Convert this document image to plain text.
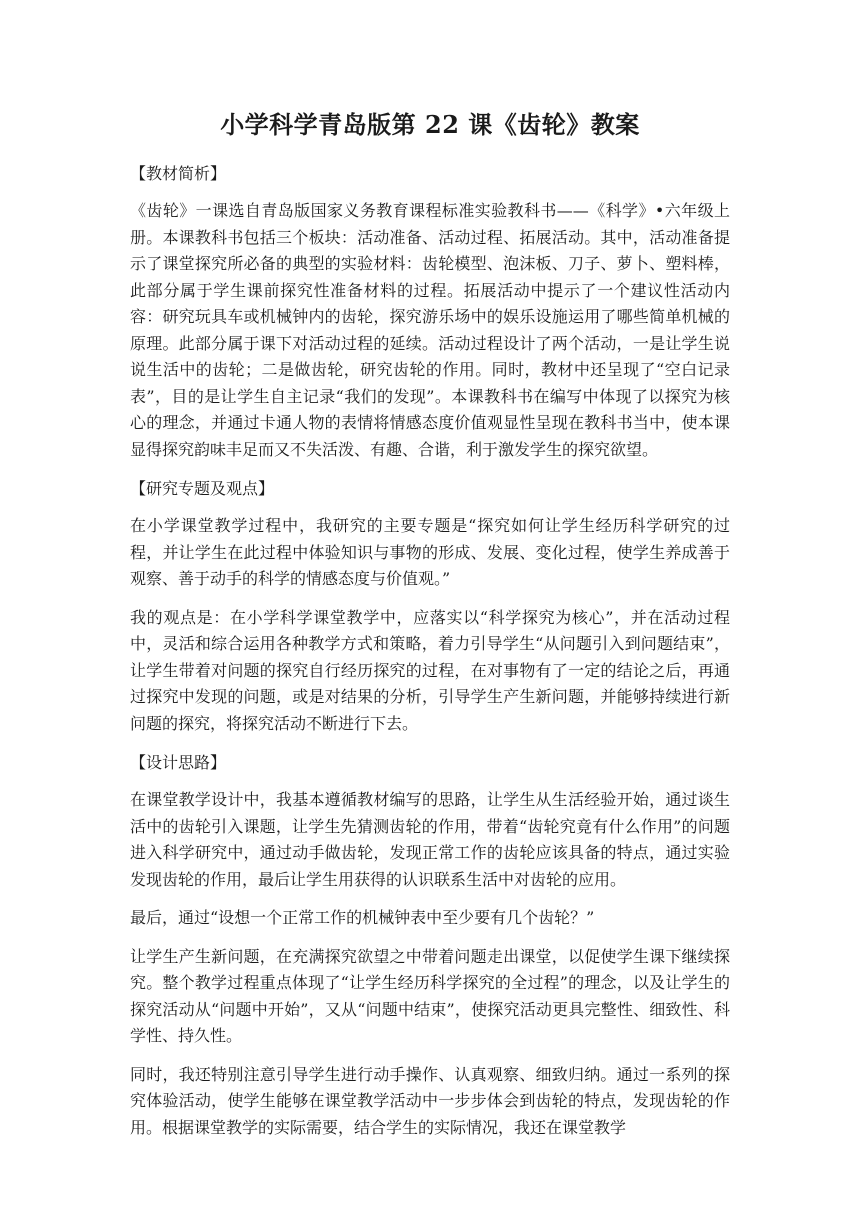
小学科学青岛版第 22 课《齿轮》教案

【教材简析】

《齿轮》一课选自青岛版国家义务教育课程标准实验教科书——《科学》•六年级上册。本课教科书包括三个板块：活动准备、活动过程、拓展活动。其中，活动准备提示了课堂探究所必备的典型的实验材料：齿轮模型、泡沫板、刀子、萝卜、塑料棒，此部分属于学生课前探究性准备材料的过程。拓展活动中提示了一个建议性活动内容：研究玩具车或机械钟内的齿轮，探究游乐场中的娱乐设施运用了哪些简单机械的原理。此部分属于课下对活动过程的延续。活动过程设计了两个活动，一是让学生说说生活中的齿轮；二是做齿轮，研究齿轮的作用。同时，教材中还呈现了“空白记录表”，目的是让学生自主记录“我们的发现”。本课教科书在编写中体现了以探究为核心的理念，并通过卡通人物的表情将情感态度价值观显性呈现在教科书当中，使本课显得探究韵味丰足而又不失活泼、有趣、合谐，利于激发学生的探究欲望。

【研究专题及观点】

在小学课堂教学过程中，我研究的主要专题是“探究如何让学生经历科学研究的过程，并让学生在此过程中体验知识与事物的形成、发展、变化过程，使学生养成善于观察、善于动手的科学的情感态度与价值观。”

我的观点是：在小学科学课堂教学中，应落实以“科学探究为核心”，并在活动过程中，灵活和综合运用各种教学方式和策略，着力引导学生“从问题引入到问题结束”，让学生带着对问题的探究自行经历探究的过程，在对事物有了一定的结论之后，再通过探究中发现的问题，或是对结果的分析，引导学生产生新问题，并能够持续进行新问题的探究，将探究活动不断进行下去。

【设计思路】

在课堂教学设计中，我基本遵循教材编写的思路，让学生从生活经验开始，通过谈生活中的齿轮引入课题，让学生先猜测齿轮的作用，带着“齿轮究竟有什么作用”的问题进入科学研究中，通过动手做齿轮，发现正常工作的齿轮应该具备的特点，通过实验发现齿轮的作用，最后让学生用获得的认识联系生活中对齿轮的应用。

最后，通过“设想一个正常工作的机械钟表中至少要有几个齿轮？”

让学生产生新问题，在充满探究欲望之中带着问题走出课堂，以促使学生课下继续探究。整个教学过程重点体现了“让学生经历科学探究的全过程”的理念，以及让学生的探究活动从“问题中开始”，又从“问题中结束”，使探究活动更具完整性、细致性、科学性、持久性。

同时，我还特别注意引导学生进行动手操作、认真观察、细致归纳。通过一系列的探究体验活动，使学生能够在课堂教学活动中一步步体会到齿轮的特点，发现齿轮的作用。根据课堂教学的实际需要，结合学生的实际情况，我还在课堂教学
